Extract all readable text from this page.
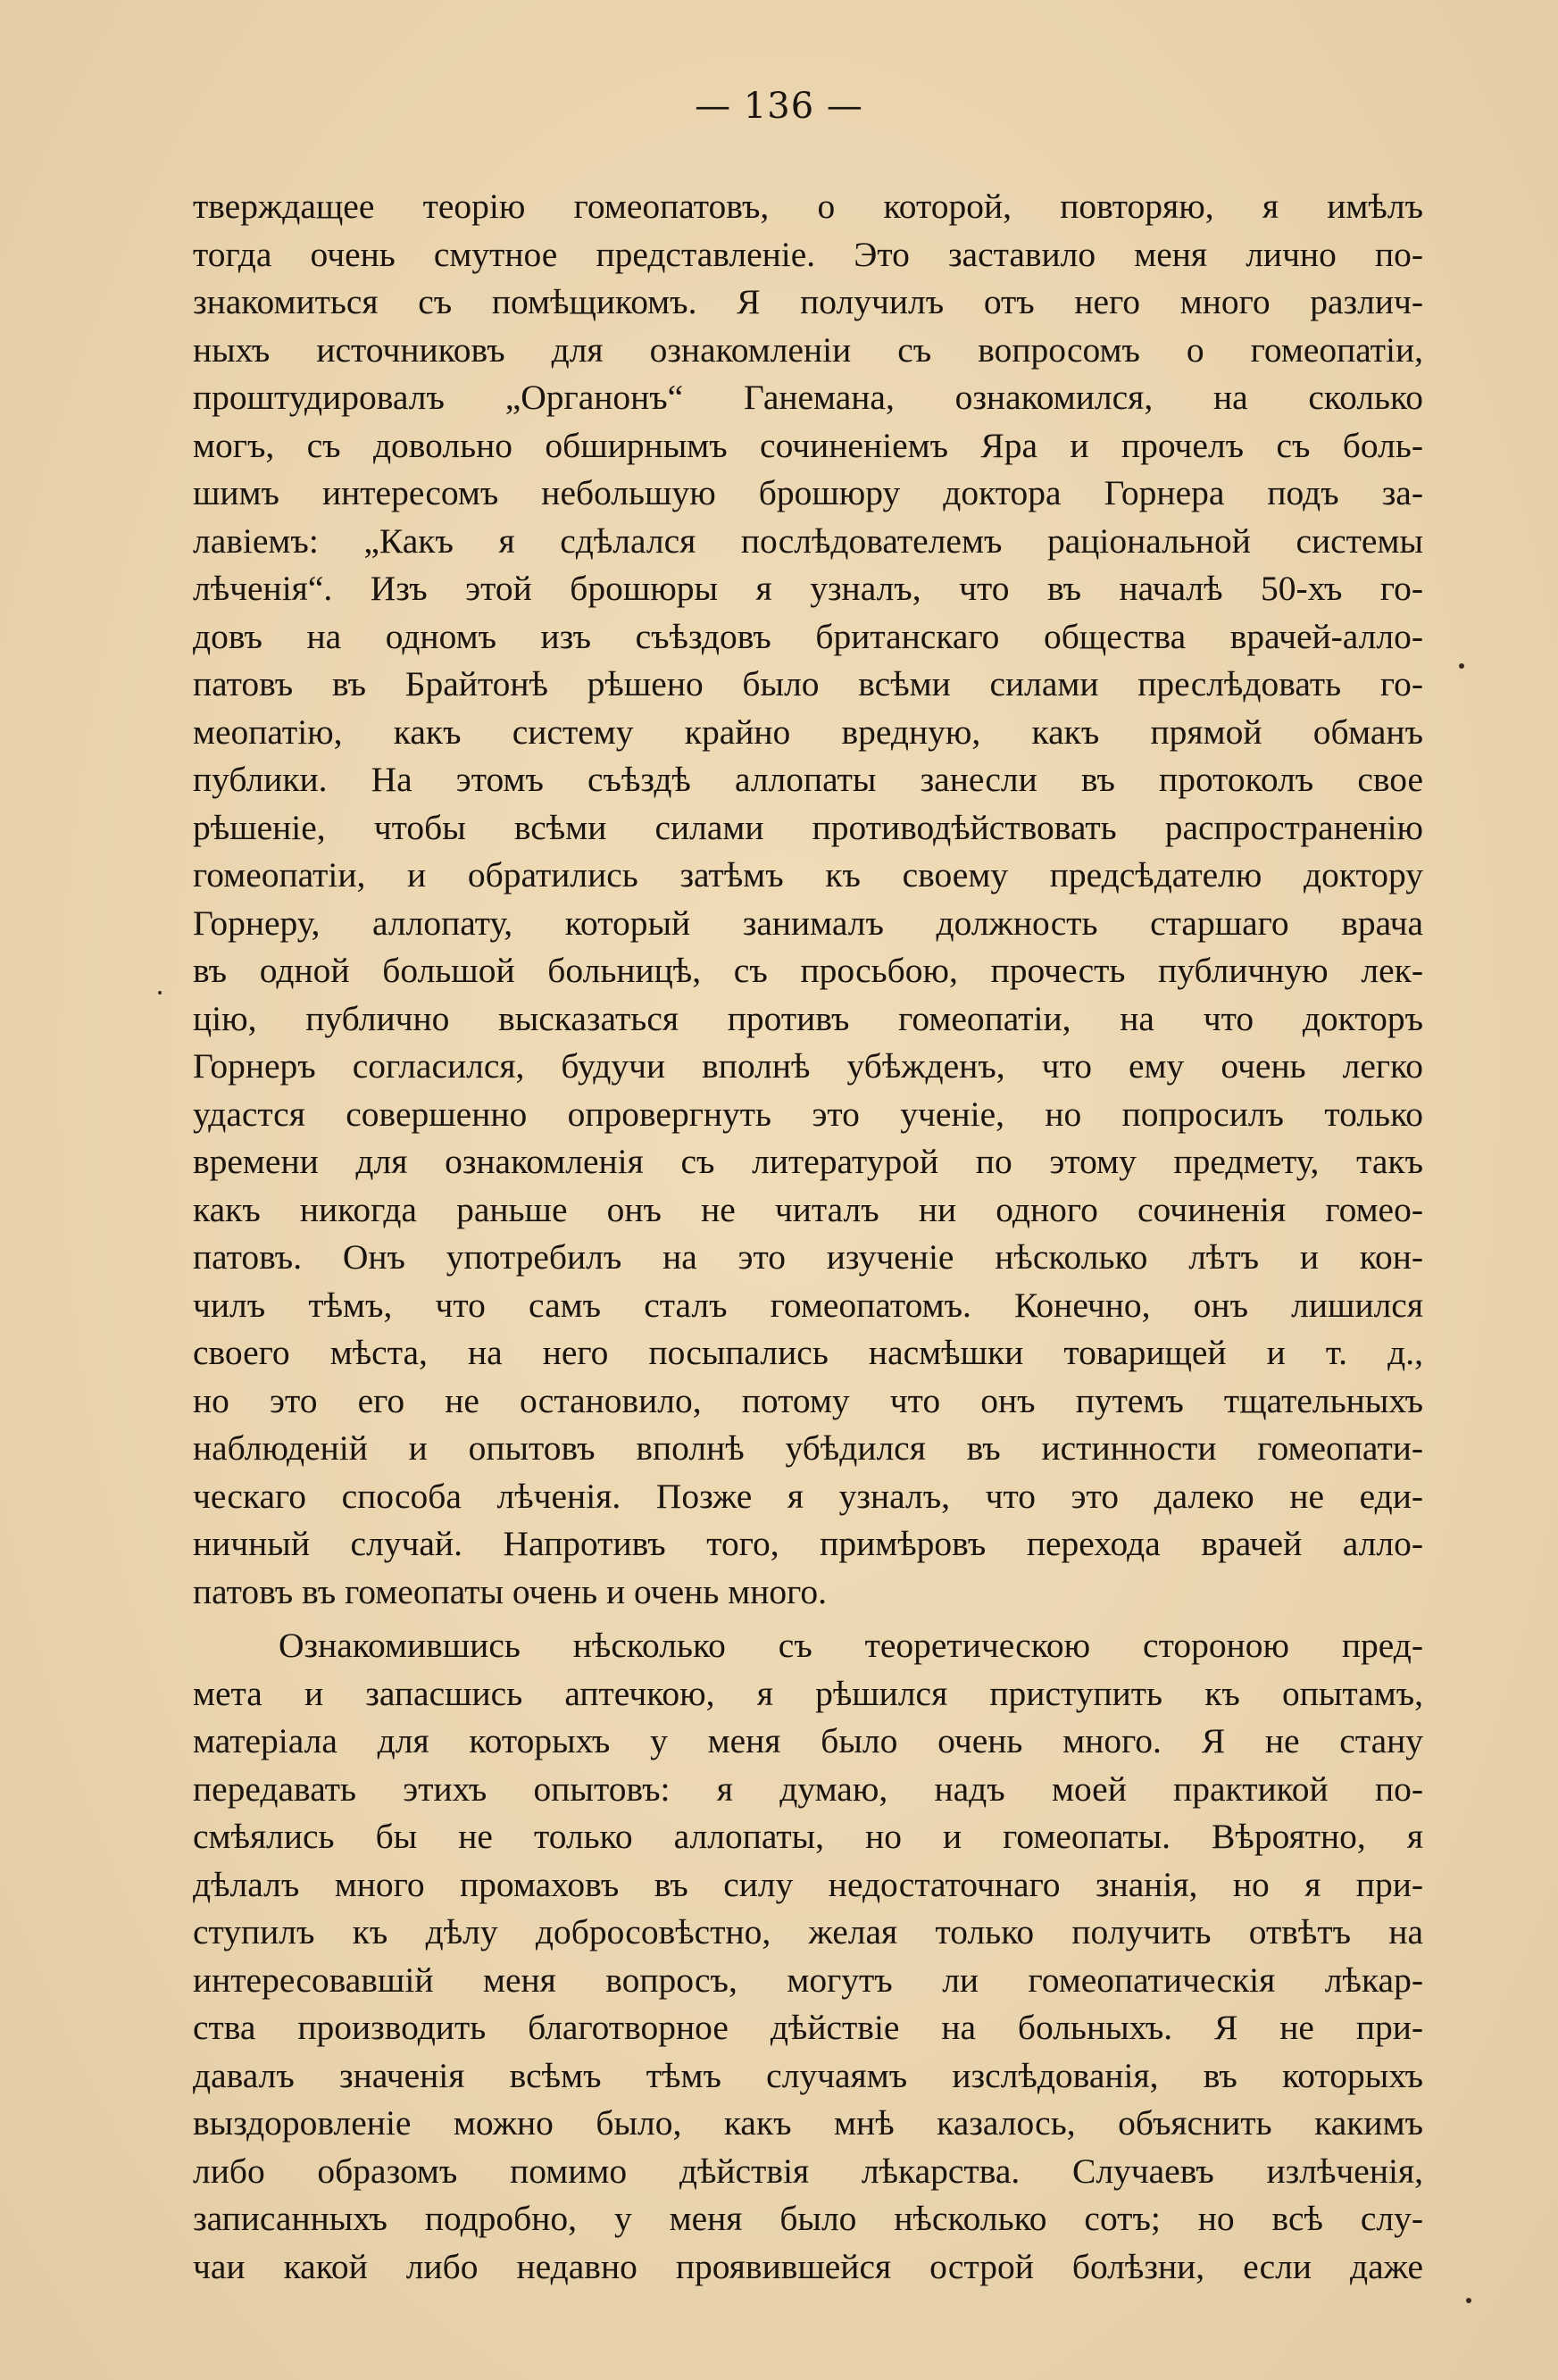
— 136 —
тверждащее теорію гомеопатовъ, о которой, повторяю, я имѣлъ
тогда очень смутное представленіе. Это заставило меня лично по-
знакомиться съ помѣщикомъ. Я получилъ отъ него много различ-
ныхъ источниковъ для ознакомленіи съ вопросомъ о гомеопатіи,
проштудировалъ „Органонъ“ Ганемана, ознакомился, на сколько
могъ, съ довольно обширнымъ сочиненіемъ Яра и прочелъ съ боль-
шимъ интересомъ небольшую брошюру доктора Горнера подъ за-
лавіемъ: „Какъ я сдѣлался послѣдователемъ раціональной системы
лѣченія“. Изъ этой брошюры я узналъ, что въ началѣ 50-хъ го-
довъ на одномъ изъ съѣздовъ британскаго общества врачей-алло-
патовъ въ Брайтонѣ рѣшено было всѣми силами преслѣдовать го-
меопатію, какъ систему крайно вредную, какъ прямой обманъ
публики. На этомъ съѣздѣ аллопаты занесли въ протоколъ свое
рѣшеніе, чтобы всѣми силами противодѣйствовать распространенію
гомеопатіи, и обратились затѣмъ къ своему предсѣдателю доктору
Горнеру, аллопату, который занималъ должность старшаго врача
въ одной большой больницѣ, съ просьбою, прочесть публичную лек-
цію, публично высказаться противъ гомеопатіи, на что докторъ
Горнеръ согласился, будучи вполнѣ убѣжденъ, что ему очень легко
удастся совершенно опровергнуть это ученіе, но попросилъ только
времени для ознакомленія съ литературой по этому предмету, такъ
какъ никогда раньше онъ не читалъ ни одного сочиненія гомео-
патовъ. Онъ употребилъ на это изученіе нѣсколько лѣтъ и кон-
чилъ тѣмъ, что самъ сталъ гомеопатомъ. Конечно, онъ лишился
своего мѣста, на него посыпались насмѣшки товарищей и т. д.,
но это его не остановило, потому что онъ путемъ тщательныхъ
наблюденій и опытовъ вполнѣ убѣдился въ истинности гомеопати-
ческаго способа лѣченія. Позже я узналъ, что это далеко не еди-
ничный случай. Напротивъ того, примѣровъ перехода врачей алло-
патовъ въ гомеопаты очень и очень много.
Ознакомившись нѣсколько съ теоретическою стороною пред-
мета и запасшись аптечкою, я рѣшился приступить къ опытамъ,
матеріала для которыхъ у меня было очень много. Я не стану
передавать этихъ опытовъ: я думаю, надъ моей практикой по-
смѣялись бы не только аллопаты, но и гомеопаты. Вѣроятно, я
дѣлалъ много промаховъ въ силу недостаточнаго знанія, но я при-
ступилъ къ дѣлу добросовѣстно, желая только получить отвѣтъ на
интересовавшій меня вопросъ, могутъ ли гомеопатическія лѣкар-
ства производить благотворное дѣйствіе на больныхъ. Я не при-
давалъ значенія всѣмъ тѣмъ случаямъ изслѣдованія, въ которыхъ
выздоровленіе можно было, какъ мнѣ казалось, объяснить какимъ
либо образомъ помимо дѣйствія лѣкарства. Случаевъ излѣченія,
записанныхъ подробно, у меня было нѣсколько сотъ; но всѣ слу-
чаи какой либо недавно проявившейся острой болѣзни, если даже
